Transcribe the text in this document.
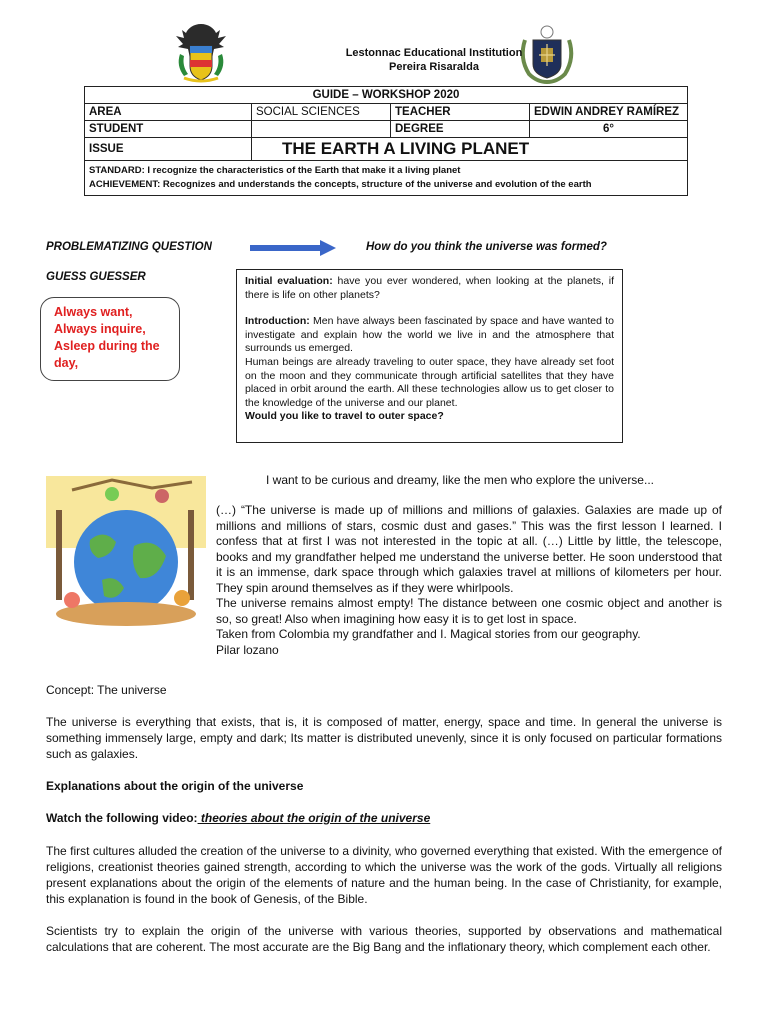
Lestonnac Educational Institution
Pereira Risaralda
GUIDE – WORKSHOP 2020			
AREA	SOCIAL SCIENCES	TEACHER	EDWIN ANDREY RAMÍREZ
STUDENT		DEGREE	6°
ISSUE	THE EARTH A LIVING PLANET		
STANDARD: I recognize the characteristics of the Earth that make it a living planet
ACHIEVEMENT: Recognizes and understands the concepts, structure of the universe and evolution of the earth			
PROBLEMATIZING QUESTION	How do you think the universe was formed?
GUESS GUESSER
Always want,
Always inquire,
Asleep during the
day,

Initial evaluation: have you ever wondered, when looking at the planets, if there is life on other planets?

Introduction: Men have always been fascinated by space and have wanted to investigate and explain how the world we live in and the atmosphere that surrounds us emerged.

Human beings are already traveling to outer space, they have already set foot on the moon and they communicate through artificial satellites that they have placed in orbit around the earth. All these technologies allow us to get closer to the knowledge of the universe and our planet.

Would you like to travel to outer space?

I want to be curious and dreamy, like the men who explore the universe...

(…) “The universe is made up of millions and millions of galaxies. Galaxies are made up of millions and millions of stars, cosmic dust and gases.” This was the first lesson I learned. I confess that at first I was not interested in the topic at all. (…) Little by little, the telescope, books and my grandfather helped me understand the universe better. He soon understood that it is an immense, dark space through which galaxies travel at millions of kilometers per hour. They spin around themselves as if they were whirlpools.

The universe remains almost empty! The distance between one cosmic object and another is so, so great! Also when imagining how easy it is to get lost in space.

Taken from Colombia my grandfather and I. Magical stories from our geography.

Pilar lozano

Concept: The universe

The universe is everything that exists, that is, it is composed of matter, energy, space and time. In general the universe is something immensely large, empty and dark; Its matter is distributed unevenly, since it is only focused on particular formations such as galaxies.

Explanations about the origin of the universe
Watch the following video: theories about the origin of the universe

The first cultures alluded the creation of the universe to a divinity, who governed everything that existed. With the emergence of religions, creationist theories gained strength, according to which the universe was the work of the gods. Virtually all religions present explanations about the origin of the elements of nature and the human being. In the case of Christianity, for example, this explanation is found in the book of Genesis, of the Bible.

Scientists try to explain the origin of the universe with various theories, supported by observations and mathematical calculations that are coherent. The most accurate are the Big Bang and the inflationary theory, which complement each other.
